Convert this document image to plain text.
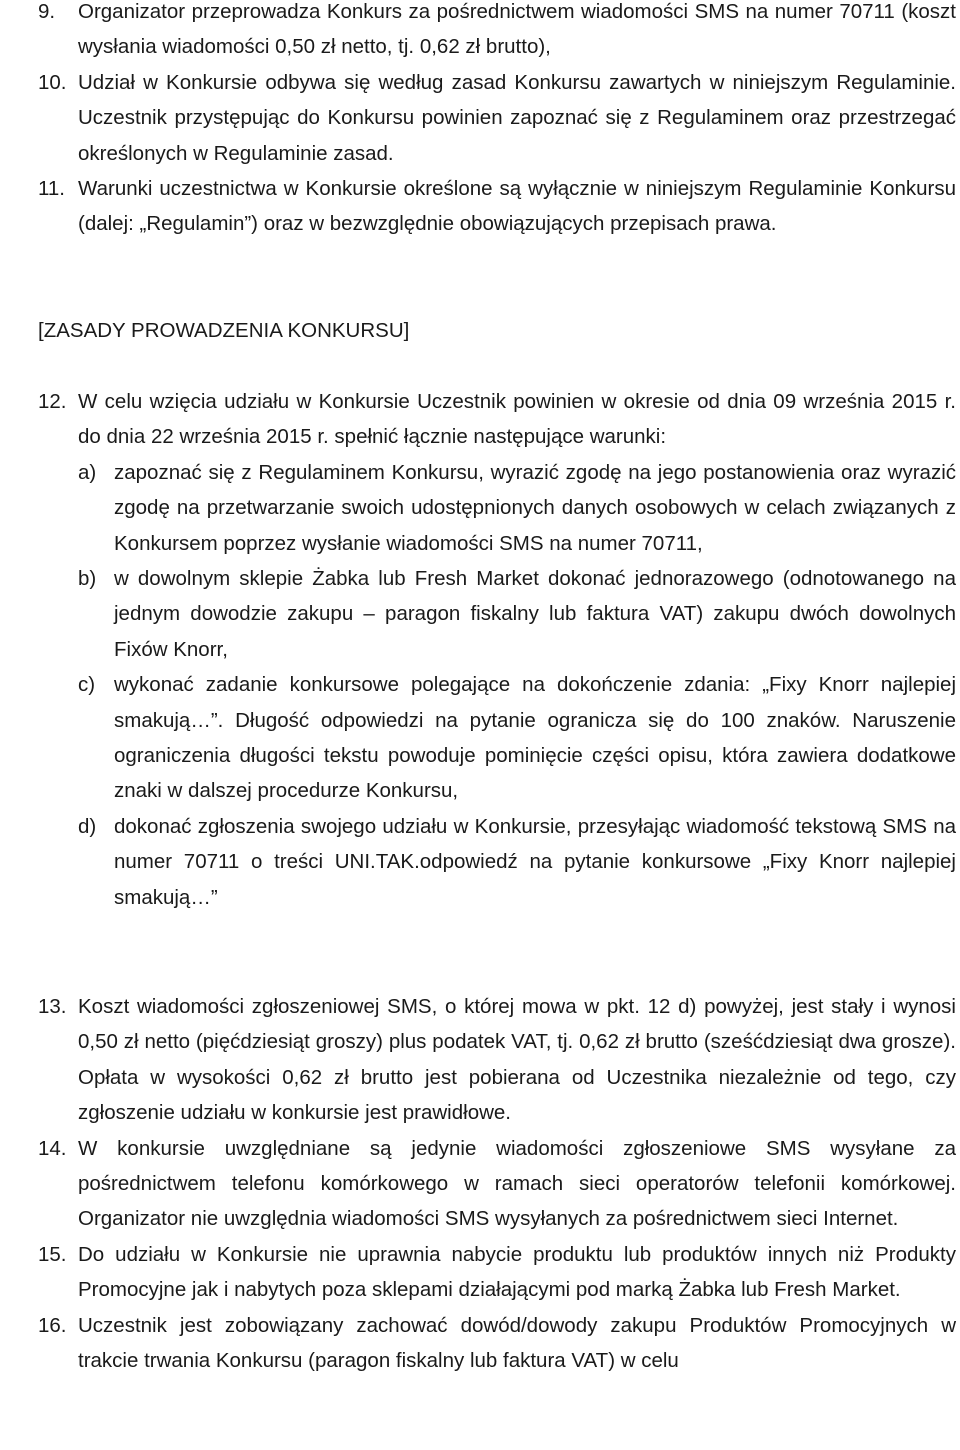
9.	Organizator przeprowadza Konkurs za pośrednictwem wiadomości SMS na numer 70711 (koszt wysłania wiadomości 0,50 zł netto, tj. 0,62 zł brutto),
10. Udział w Konkursie odbywa się według zasad Konkursu zawartych w niniejszym Regulaminie. Uczestnik przystępując do Konkursu powinien zapoznać się z Regulaminem oraz przestrzegać określonych w Regulaminie zasad.
11. Warunki uczestnictwa w Konkursie określone są wyłącznie w niniejszym Regulaminie Konkursu (dalej: „Regulamin”) oraz w bezwzględnie obowiązujących przepisach prawa.
[ZASADY PROWADZENIA KONKURSU]
12. W celu wzięcia udziału w Konkursie Uczestnik powinien w okresie od dnia 09 września 2015 r. do dnia 22 września 2015 r. spełnić łącznie następujące warunki:
a) zapoznać się z Regulaminem Konkursu, wyrazić zgodę na jego postanowienia oraz wyrazić zgodę na przetwarzanie swoich udostępnionych danych osobowych w celach związanych z Konkursem poprzez wysłanie wiadomości SMS na numer 70711,
b) w dowolnym sklepie Żabka lub Fresh Market dokonać jednorazowego (odnotowanego na jednym dowodzie zakupu – paragon fiskalny lub faktura VAT) zakupu dwóch dowolnych Fixów Knorr,
c) wykonać zadanie konkursowe polegające na dokończenie zdania: „Fixy Knorr najlepiej smakują…”. Długość odpowiedzi na pytanie ogranicza się do 100 znaków. Naruszenie ograniczenia długości tekstu powoduje pominięcie części opisu, która zawiera dodatkowe znaki w dalszej procedurze Konkursu,
d) dokonać zgłoszenia swojego udziału w Konkursie, przesyłając wiadomość tekstową SMS na numer 70711 o treści UNI.TAK.odpowiedź na pytanie konkursowe „Fixy Knorr najlepiej smakują…”
13. Koszt wiadomości zgłoszeniowej SMS, o której mowa w pkt. 12 d) powyżej, jest stały i wynosi 0,50 zł netto (pięćdziesiąt groszy) plus podatek VAT, tj. 0,62 zł brutto (sześćdziesiąt dwa grosze). Opłata w wysokości 0,62 zł brutto jest pobierana od Uczestnika niezależnie od tego, czy zgłoszenie udziału w konkursie jest prawidłowe.
14. W konkursie uwzględniane są jedynie wiadomości zgłoszeniowe SMS wysyłane za pośrednictwem telefonu komórkowego w ramach sieci operatorów telefonii komórkowej. Organizator nie uwzględnia wiadomości SMS wysyłanych za pośrednictwem sieci Internet.
15. Do udziału w Konkursie nie uprawnia nabycie produktu lub produktów innych niż Produkty Promocyjne jak i nabytych poza sklepami działającymi pod marką Żabka lub Fresh Market.
16. Uczestnik jest zobowiązany zachować dowód/dowody zakupu Produktów Promocyjnych w trakcie trwania Konkursu (paragon fiskalny lub faktura VAT) w celu
